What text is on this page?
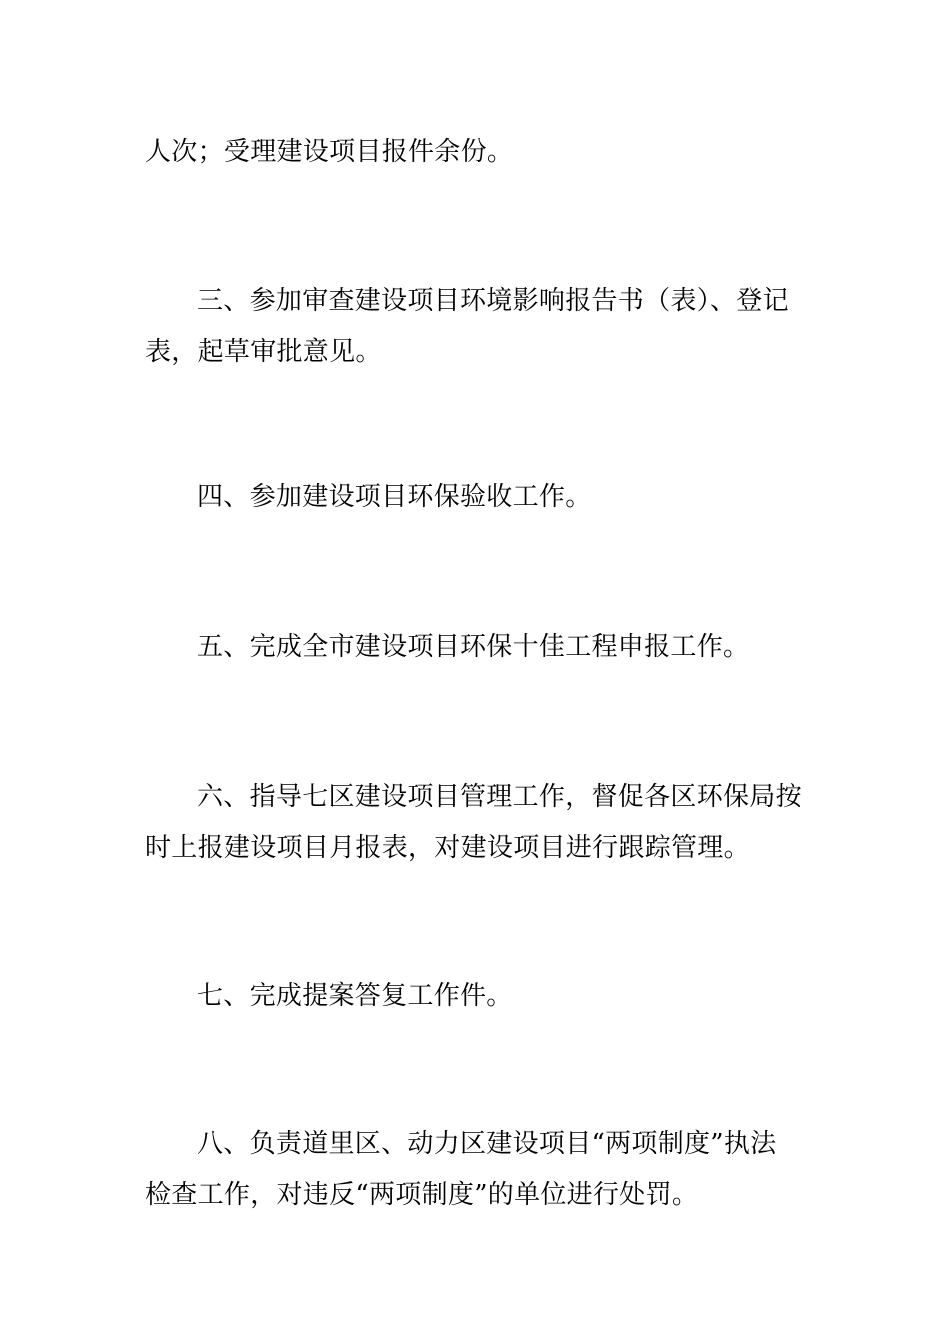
人次；受理建设项目报件余份。

三、参加审查建设项目环境影响报告书（表）、登记
表，起草审批意见。

四、参加建设项目环保验收工作。

五、完成全市建设项目环保十佳工程申报工作。

六、指导七区建设项目管理工作，督促各区环保局按
时上报建设项目月报表，对建设项目进行跟踪管理。

七、完成提案答复工作件。

八、负责道里区、动力区建设项目“两项制度”执法
检查工作，对违反“两项制度”的单位进行处罚。
